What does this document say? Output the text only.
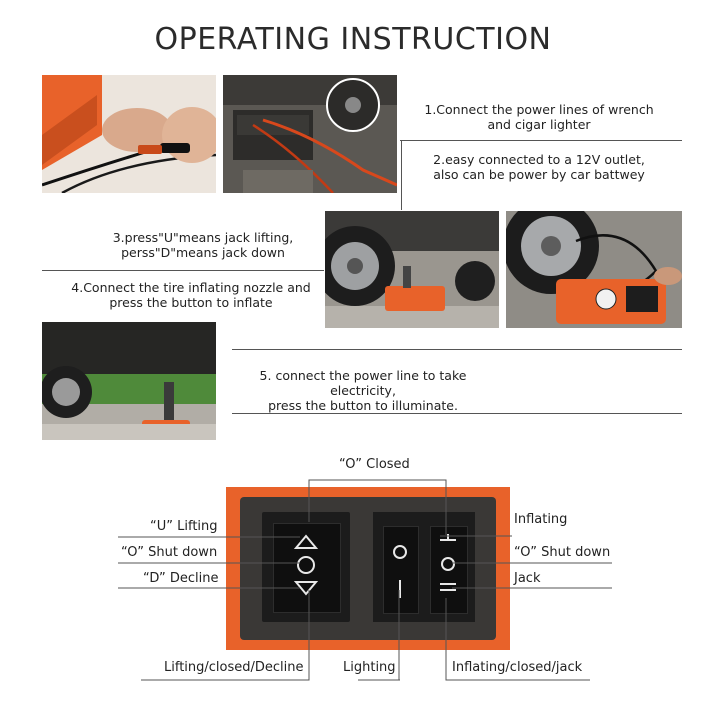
OPERATING INSTRUCTION
1.Connect the power lines of wrench
and cigar lighter
2.easy connected to a 12V outlet,
also can be power by car battwey
3.press"U"means jack lifting,
perss"D"means jack down
4.Connect the tire inflating nozzle and
press the button to inflate
5. connect the power line to take electricity,
press the button to illuminate.
“O” Closed
“U” Lifting
“O” Shut down
“D” Decline
Inflating
“O” Shut down
Jack
Lifting/closed/Decline	Lighting	Inflating/closed/jack
